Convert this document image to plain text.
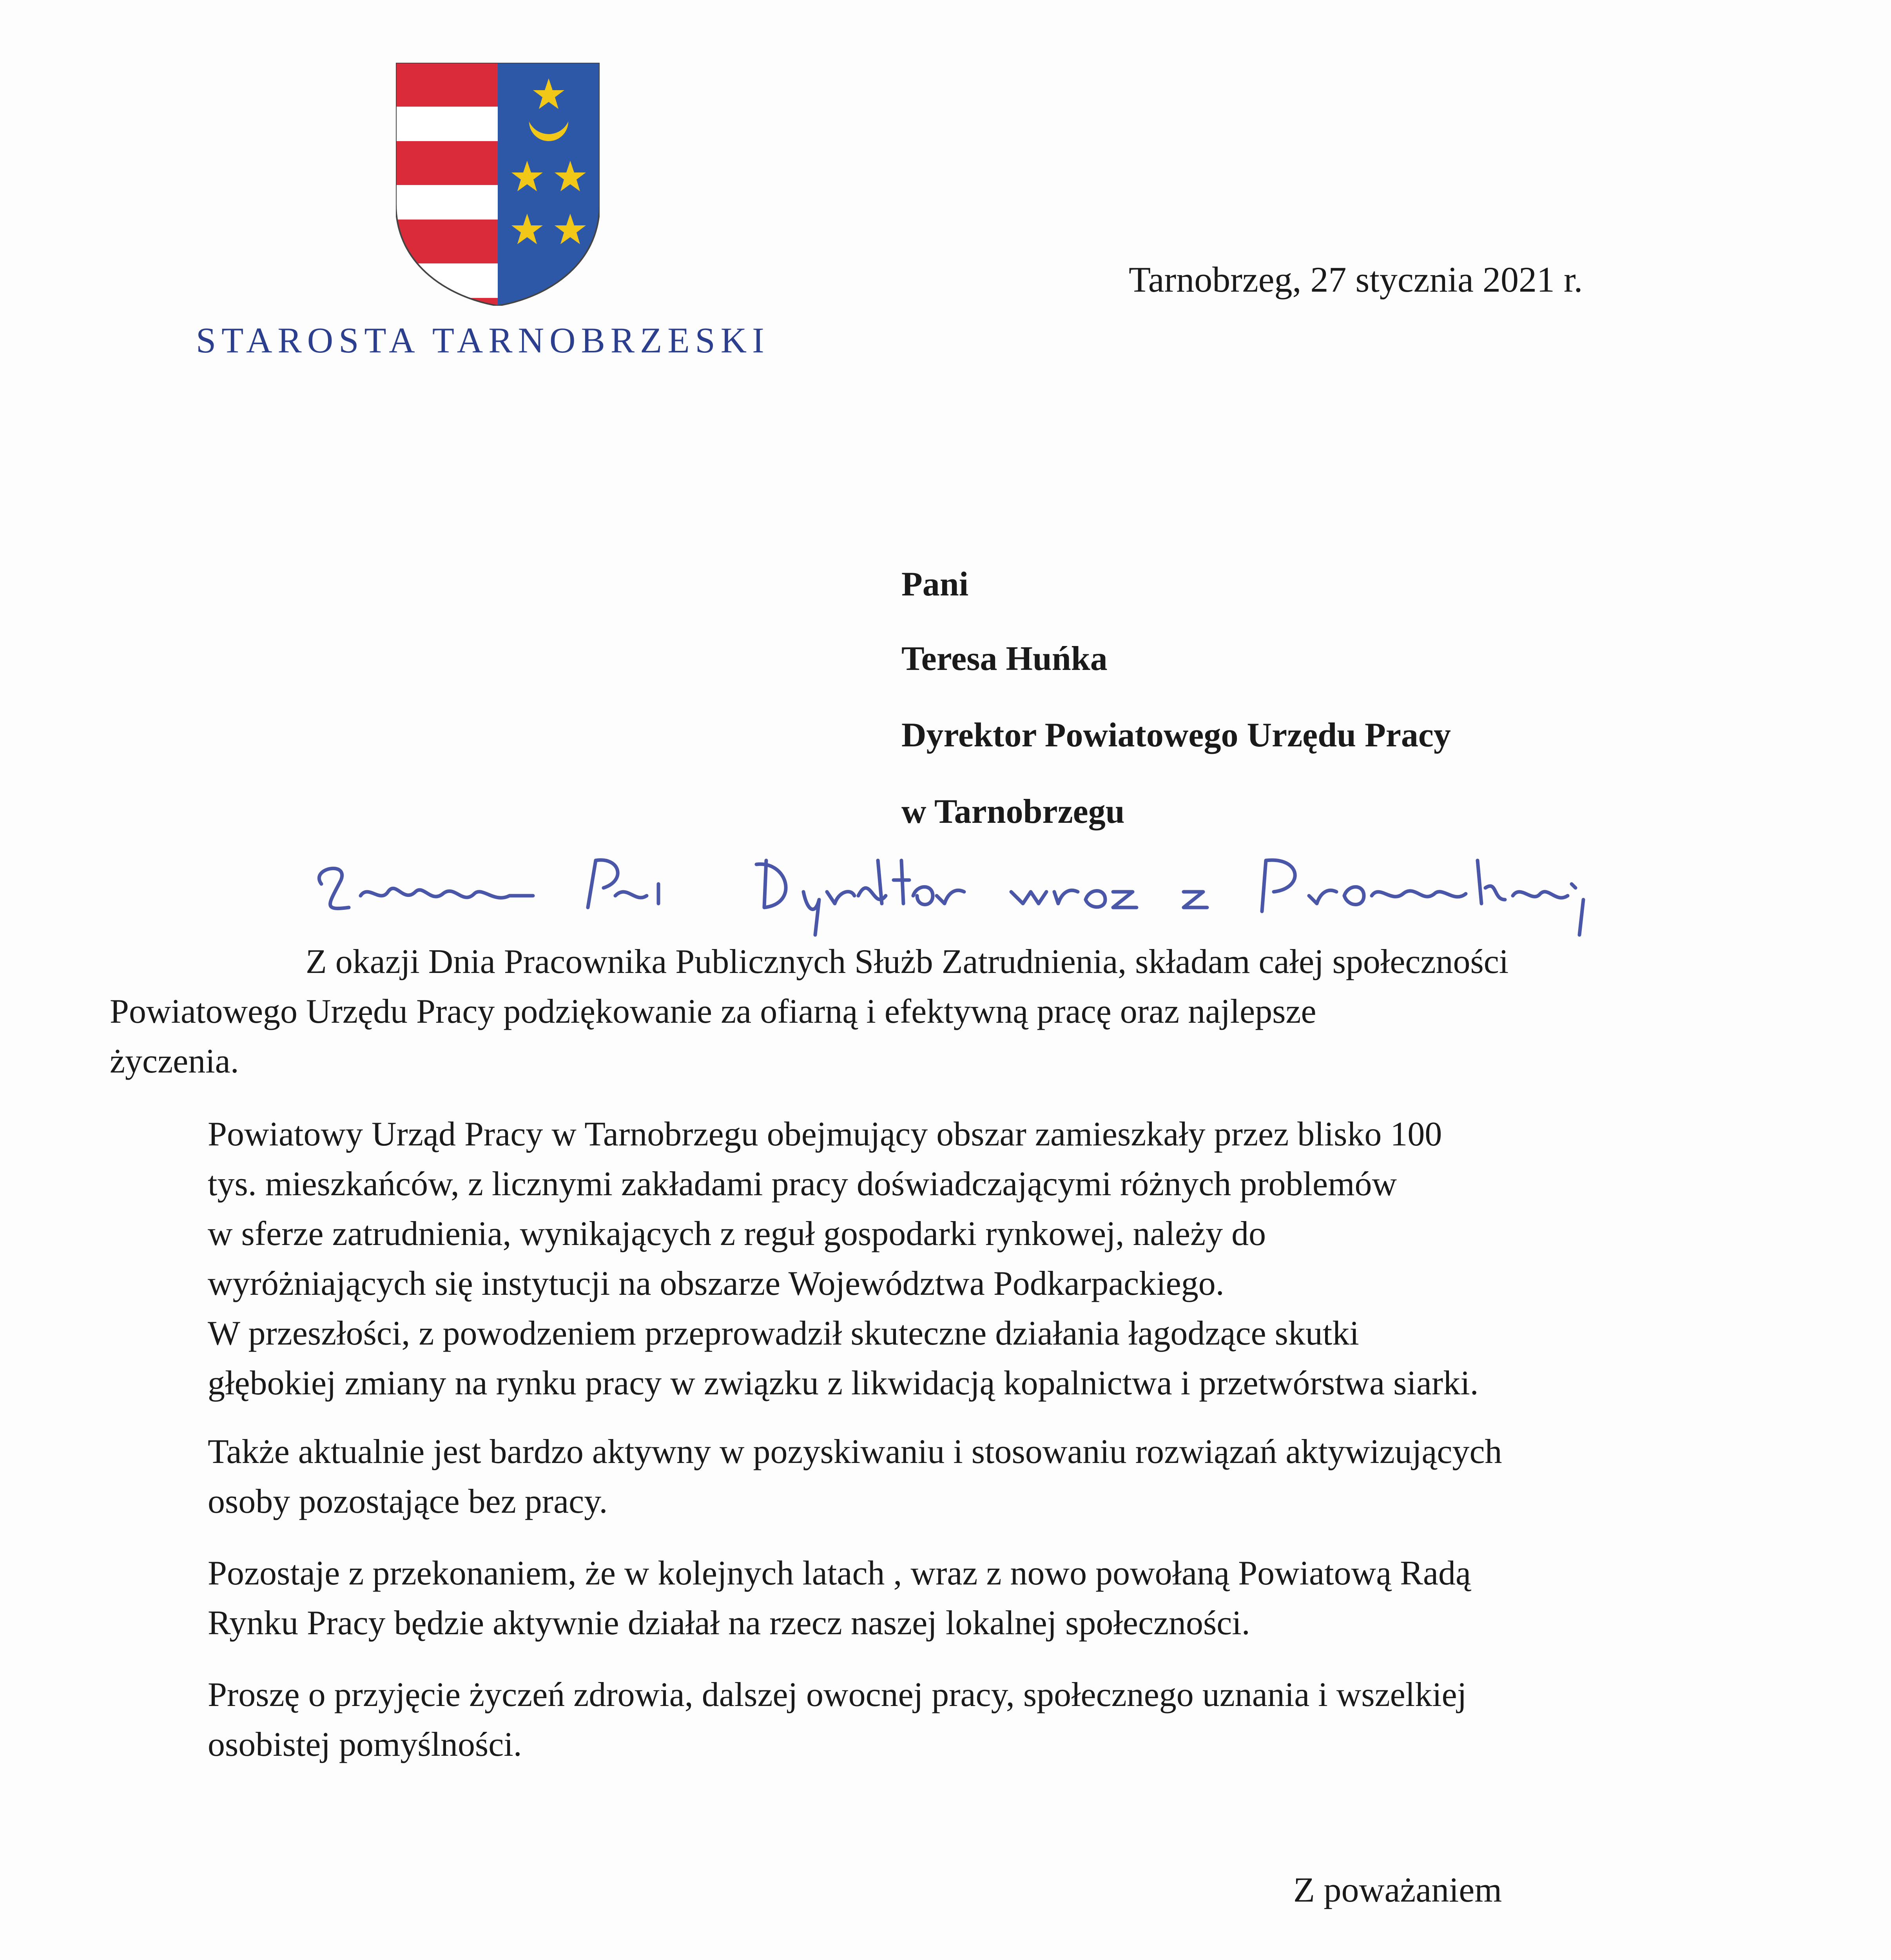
STAROSTA TARNOBRZESKI
Tarnobrzeg, 27 stycznia 2021 r.
Pani
Teresa Huńka
Dyrektor Powiatowego Urzędu Pracy
w Tarnobrzegu
Z okazji Dnia Pracownika Publicznych Służb Zatrudnienia, składam całej społeczności
Powiatowego Urzędu Pracy podziękowanie za ofiarną i efektywną pracę oraz najlepsze
życzenia.
Powiatowy Urząd Pracy w Tarnobrzegu obejmujący obszar zamieszkały przez blisko 100
tys. mieszkańców, z licznymi zakładami pracy doświadczającymi różnych problemów
w sferze zatrudnienia, wynikających z reguł gospodarki rynkowej, należy do
wyróżniających się instytucji na obszarze Województwa Podkarpackiego.
W przeszłości, z powodzeniem przeprowadził skuteczne działania łagodzące skutki
głębokiej zmiany na rynku pracy w związku z likwidacją kopalnictwa i przetwórstwa siarki.
Także aktualnie jest bardzo aktywny w pozyskiwaniu i stosowaniu rozwiązań aktywizujących
osoby pozostające bez pracy.
Pozostaje z przekonaniem, że w kolejnych latach , wraz z nowo powołaną Powiatową Radą
Rynku Pracy będzie aktywnie działał na rzecz naszej lokalnej społeczności.
Proszę o przyjęcie życzeń zdrowia, dalszej owocnej pracy, społecznego uznania i wszelkiej
osobistej pomyślności.
Z poważaniem
